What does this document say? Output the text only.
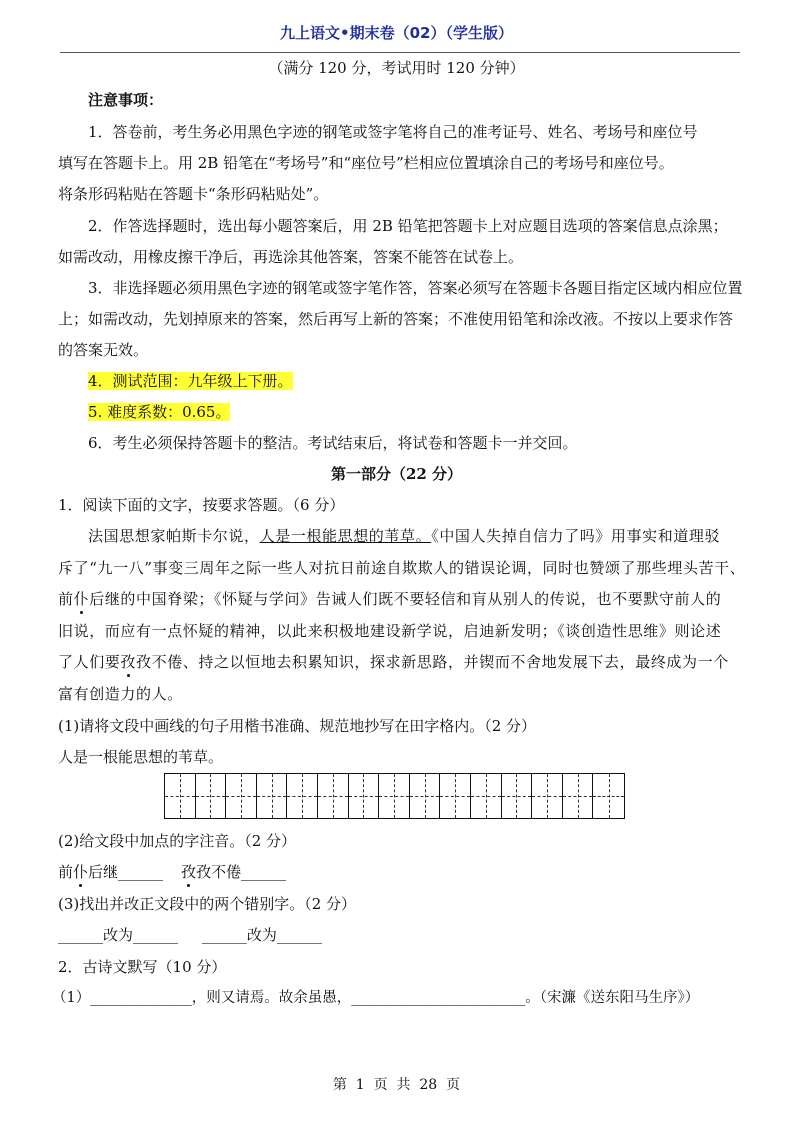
九上语文•期末卷（02）（学生版）
（满分 120 分，考试用时 120 分钟）
注意事项：
1．答卷前，考生务必用黑色字迹的钢笔或签字笔将自己的准考证号、姓名、考场号和座位号
填写在答题卡上。用 2B 铅笔在“考场号”和“座位号”栏相应位置填涂自己的考场号和座位号。
将条形码粘贴在答题卡“条形码粘贴处”。
2．作答选择题时，选出每小题答案后，用 2B 铅笔把答题卡上对应题目选项的答案信息点涂黑；
如需改动，用橡皮擦干净后，再选涂其他答案，答案不能答在试卷上。
3．非选择题必须用黑色字迹的钢笔或签字笔作答，答案必须写在答题卡各题目指定区域内相应位置
上；如需改动，先划掉原来的答案，然后再写上新的答案；不准使用铅笔和涂改液。不按以上要求作答
的答案无效。
4．测试范围：九年级上下册。
5. 难度系数：0.65。
6．考生必须保持答题卡的整洁。考试结束后，将试卷和答题卡一并交回。
第一部分（22 分）
1．阅读下面的文字，按要求答题。（6 分）
法国思想家帕斯卡尔说，人是一根能思想的苇草。《中国人失掉自信力了吗》用事实和道理驳
斥了“九一八”事变三周年之际一些人对抗日前途自欺欺人的错误论调，同时也赞颂了那些埋头苦干、
前仆后继的中国脊梁；《怀疑与学问》告诫人们既不要轻信和肓从别人的传说，也不要默守前人的
旧说，而应有一点怀疑的精神，以此来积极地建设新学说，启迪新发明；《谈创造性思维》则论述
了人们要孜孜不倦、持之以恒地去积累知识，探求新思路，并锲而不舍地发展下去，最终成为一个
富有创造力的人。
(1)请将文段中画线的句子用楷书准确、规范地抄写在田字格内。（2 分）
人是一根能思想的苇草。
(2)给文段中加点的字注音。（2 分）
前仆后继______ 孜孜不倦______
(3)找出并改正文段中的两个错别字。（2 分）
______改为______     ______改为______
2．古诗文默写（10 分）
（1）______________，则又请焉。故余虽愚，________________________。（宋濂《送东阳马生序》）
第  1  页  共  28  页
